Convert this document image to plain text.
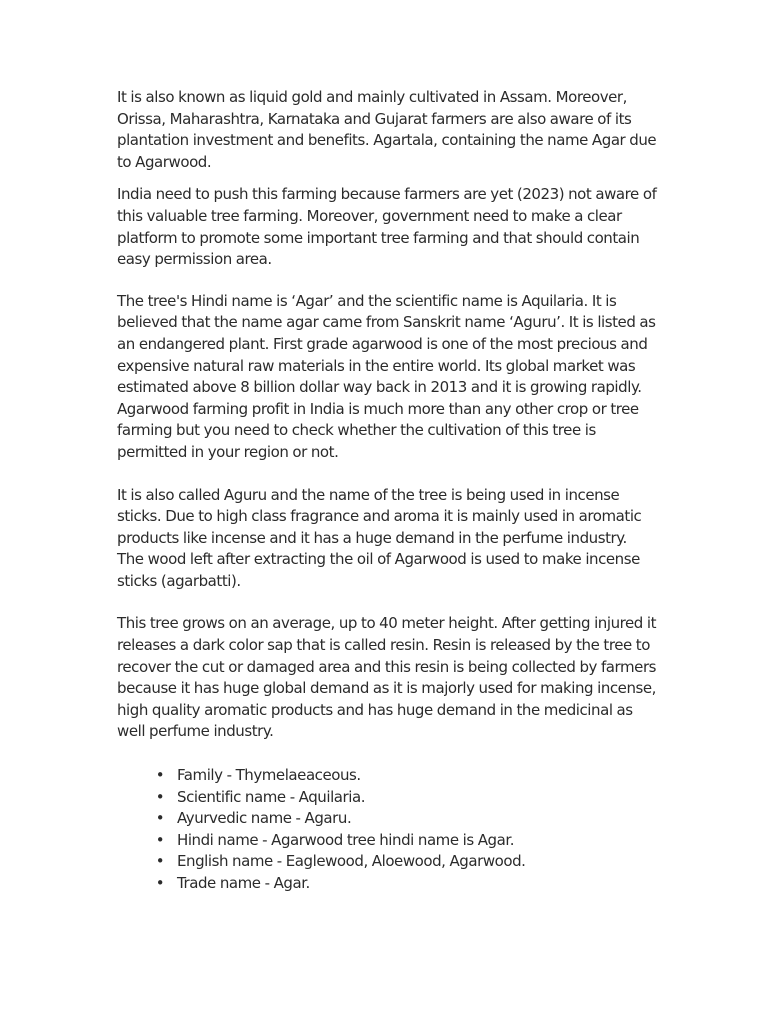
It is also known as liquid gold and mainly cultivated in Assam. Moreover, Orissa, Maharashtra, Karnataka and Gujarat farmers are also aware of its plantation investment and benefits. Agartala, containing the name Agar due to Agarwood.

India need to push this farming because farmers are yet (2023) not aware of this valuable tree farming. Moreover, government need to make a clear platform to promote some important tree farming and that should contain easy permission area.

The tree's Hindi name is ‘Agar’ and the scientific name is Aquilaria. It is believed that the name agar came from Sanskrit name ‘Aguru’. It is listed as an endangered plant. First grade agarwood is one of the most precious and expensive natural raw materials in the entire world. Its global market was estimated above 8 billion dollar way back in 2013 and it is growing rapidly. Agarwood farming profit in India is much more than any other crop or tree farming but you need to check whether the cultivation of this tree is permitted in your region or not.

It is also called Aguru and the name of the tree is being used in incense sticks. Due to high class fragrance and aroma it is mainly used in aromatic products like incense and it has a huge demand in the perfume industry. The wood left after extracting the oil of Agarwood is used to make incense sticks (agarbatti).

This tree grows on an average, up to 40 meter height. After getting injured it releases a dark color sap that is called resin. Resin is released by the tree to recover the cut or damaged area and this resin is being collected by farmers because it has huge global demand as it is majorly used for making incense, high quality aromatic products and has huge demand in the medicinal as well perfume industry.

• Family - Thymelaeaceous.
• Scientific name - Aquilaria.
• Ayurvedic name - Agaru.
• Hindi name - Agarwood tree hindi name is Agar.
• English name - Eaglewood, Aloewood, Agarwood.
• Trade name - Agar.
